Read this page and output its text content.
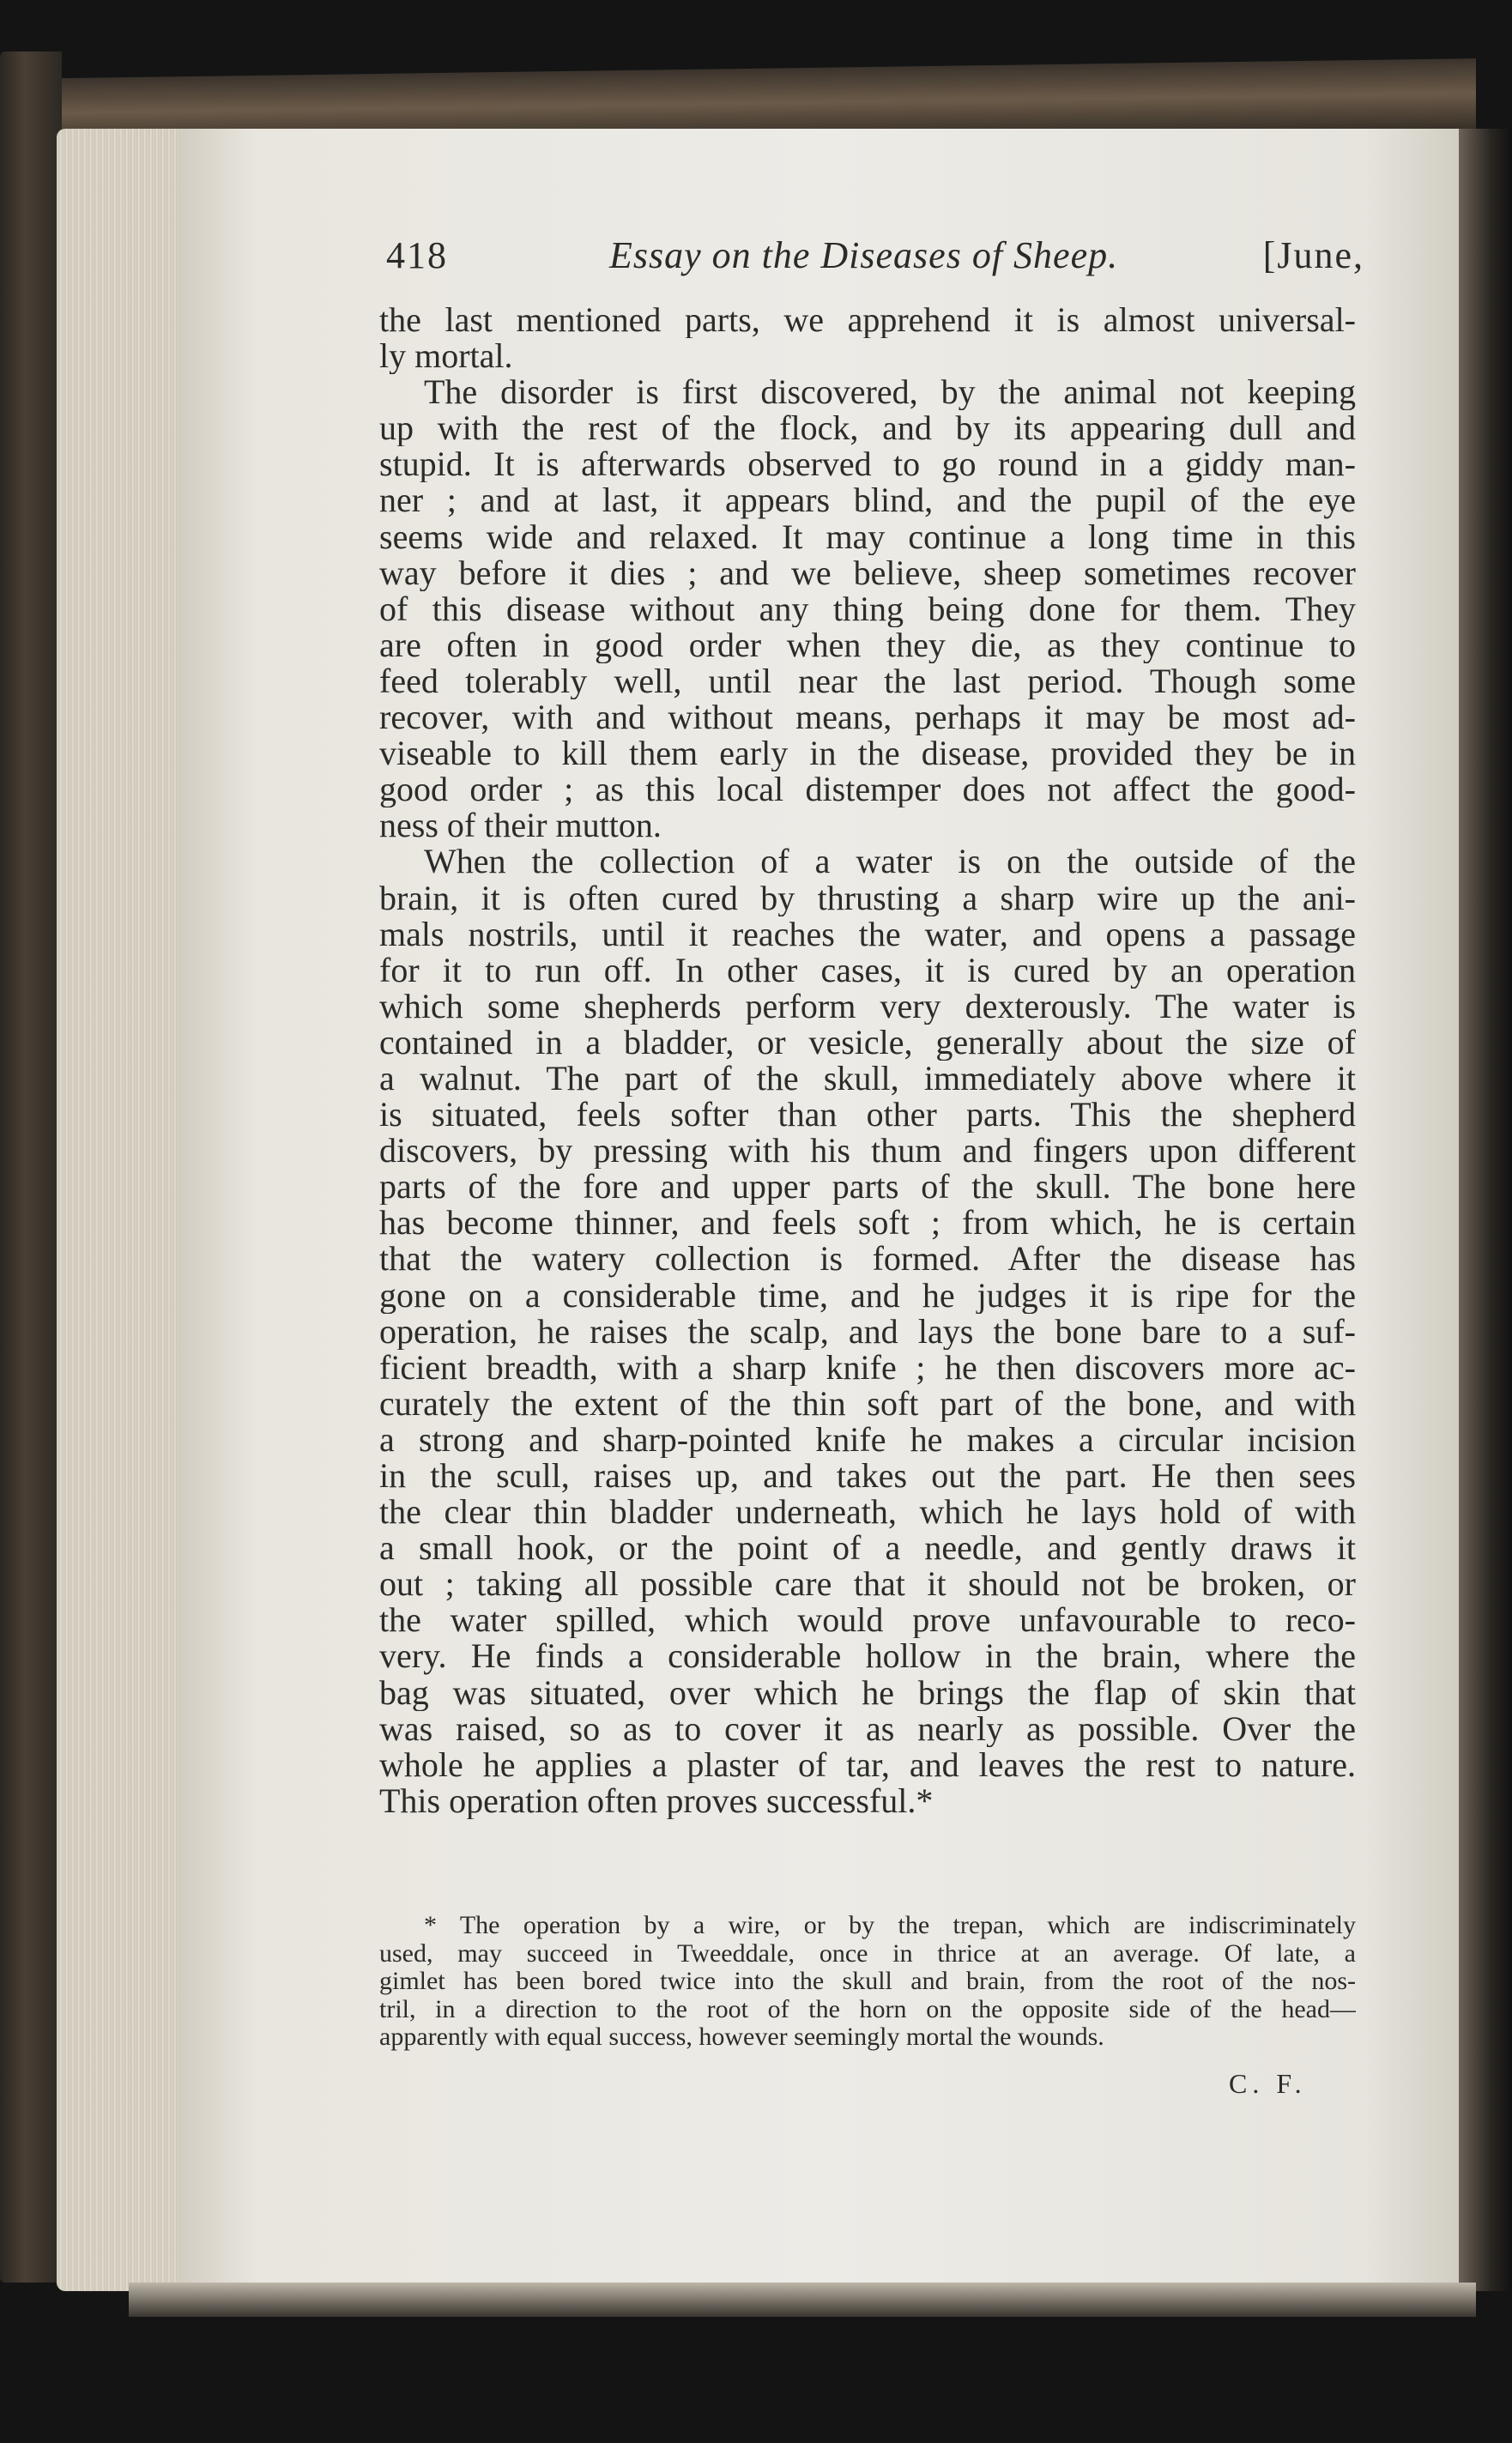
418	Essay on the Diseases of Sheep.	[June,
the last mentioned parts, we apprehend it is almost universal-
ly mortal.
The disorder is first discovered, by the animal not keeping
up with the rest of the flock, and by its appearing dull and
stupid. It is afterwards observed to go round in a giddy man-
ner ; and at last, it appears blind, and the pupil of the eye
seems wide and relaxed. It may continue a long time in this
way before it dies ; and we believe, sheep sometimes recover
of this disease without any thing being done for them. They
are often in good order when they die, as they continue to
feed tolerably well, until near the last period. Though some
recover, with and without means, perhaps it may be most ad-
viseable to kill them early in the disease, provided they be in
good order ; as this local distemper does not affect the good-
ness of their mutton.
When the collection of a water is on the outside of the
brain, it is often cured by thrusting a sharp wire up the ani-
mals nostrils, until it reaches the water, and opens a passage
for it to run off. In other cases, it is cured by an operation
which some shepherds perform very dexterously. The water is
contained in a bladder, or vesicle, generally about the size of
a walnut. The part of the skull, immediately above where it
is situated, feels softer than other parts. This the shepherd
discovers, by pressing with his thum and fingers upon different
parts of the fore and upper parts of the skull. The bone here
has become thinner, and feels soft ; from which, he is certain
that the watery collection is formed. After the disease has
gone on a considerable time, and he judges it is ripe for the
operation, he raises the scalp, and lays the bone bare to a suf-
ficient breadth, with a sharp knife ; he then discovers more ac-
curately the extent of the thin soft part of the bone, and with
a strong and sharp-pointed knife he makes a circular incision
in the scull, raises up, and takes out the part. He then sees
the clear thin bladder underneath, which he lays hold of with
a small hook, or the point of a needle, and gently draws it
out ; taking all possible care that it should not be broken, or
the water spilled, which would prove unfavourable to reco-
very. He finds a considerable hollow in the brain, where the
bag was situated, over which he brings the flap of skin that
was raised, so as to cover it as nearly as possible. Over the
whole he applies a plaster of tar, and leaves the rest to nature.
This operation often proves successful.*
* The operation by a wire, or by the trepan, which are indiscriminately
used, may succeed in Tweeddale, once in thrice at an average. Of late, a
gimlet has been bored twice into the skull and brain, from the root of the nos-
tril, in a direction to the root of the horn on the opposite side of the head—
apparently with equal success, however seemingly mortal the wounds.
C. F.
